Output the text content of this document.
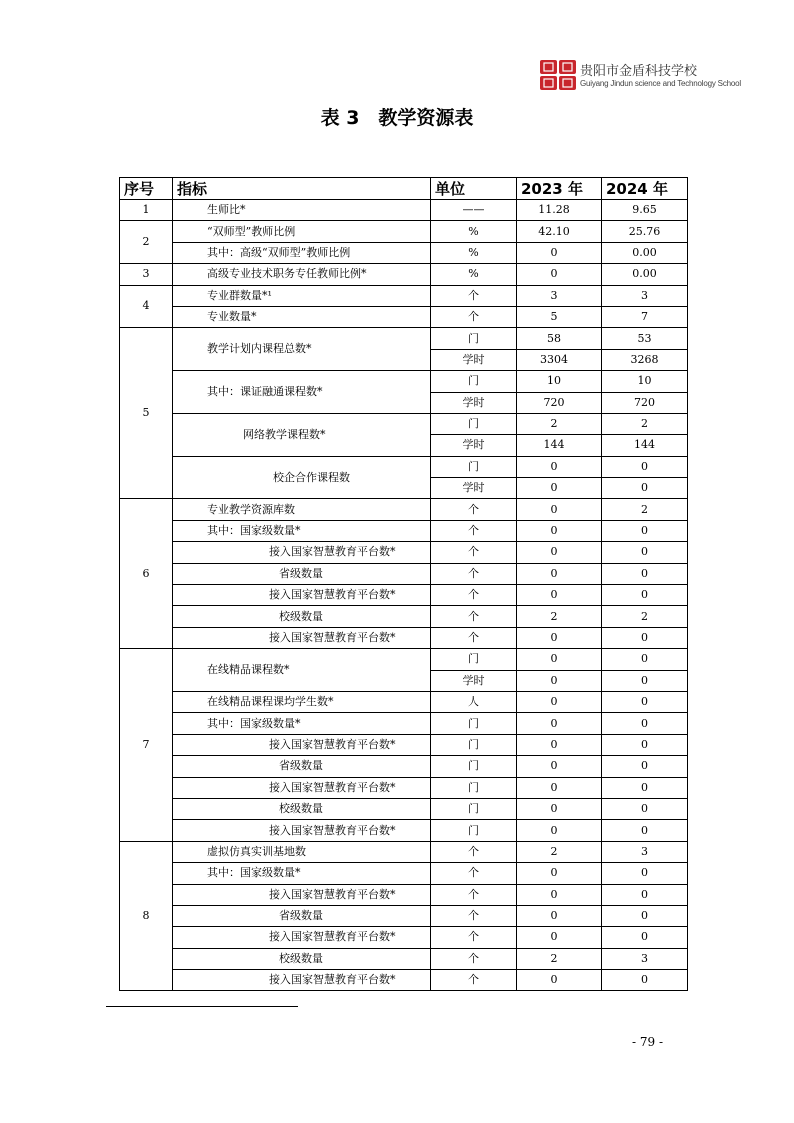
贵阳市金盾科技学校
Guiyang Jindun science and Technology School
表 3　教学资源表
序号	指标	单位	2023 年	2024 年
1	生师比*	——	11.28	9.65
2	“双师型”教师比例	%	42.10	25.76
	其中：高级“双师型”教师比例	%	0	0.00
3	高级专业技术职务专任教师比例*	%	0	0.00
4	专业群数量*¹	个	3	3
	专业数量*	个	5	7
5	教学计划内课程总数*	门	58	53
		学时	3304	3268
	其中：课证融通课程数*	门	10	10
		学时	720	720
	网络教学课程数*	门	2	2
		学时	144	144
	校企合作课程数	门	0	0
		学时	0	0
6	专业教学资源库数	个	0	2
	其中：国家级数量*	个	0	0
	接入国家智慧教育平台数*	个	0	0
	省级数量	个	0	0
	接入国家智慧教育平台数*	个	0	0
	校级数量	个	2	2
	接入国家智慧教育平台数*	个	0	0
7	在线精品课程数*	门	0	0
		学时	0	0
	在线精品课程课均学生数*	人	0	0
	其中：国家级数量*	门	0	0
	接入国家智慧教育平台数*	门	0	0
	省级数量	门	0	0
	接入国家智慧教育平台数*	门	0	0
	校级数量	门	0	0
	接入国家智慧教育平台数*	门	0	0
8	虚拟仿真实训基地数	个	2	3
	其中：国家级数量*	个	0	0
	接入国家智慧教育平台数*	个	0	0
	省级数量	个	0	0
	接入国家智慧教育平台数*	个	0	0
	校级数量	个	2	3
	接入国家智慧教育平台数*	个	0	0
- 79 -
